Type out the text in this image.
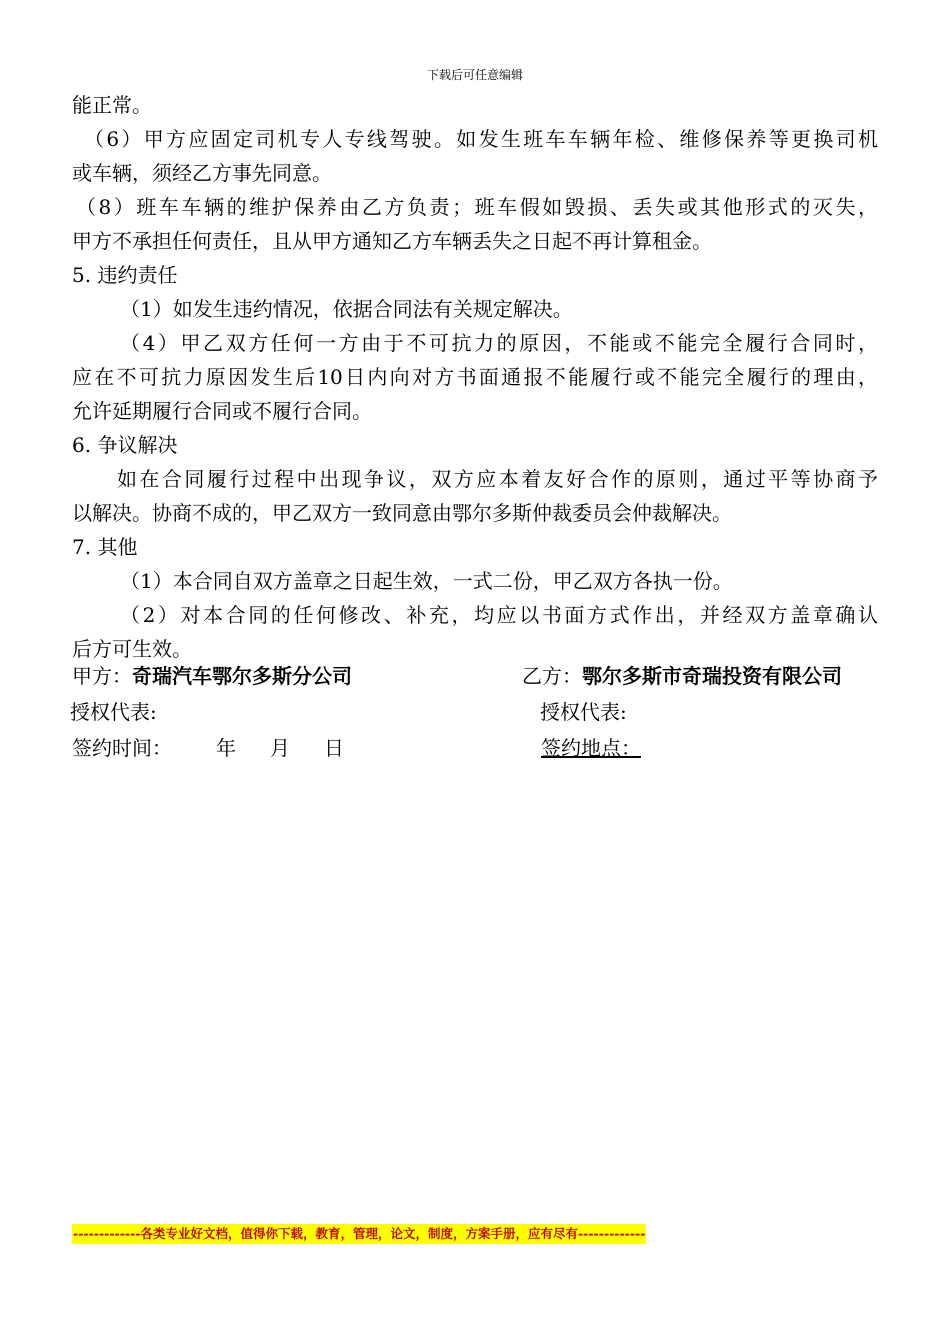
下载后可任意编辑
能正常。
（6）甲方应固定司机专人专线驾驶。如发生班车车辆年检、维修保养等更换司机
或车辆，须经乙方事先同意。
（8）班车车辆的维护保养由乙方负责；班车假如毁损、丢失或其他形式的灭失，
甲方不承担任何责任，且从甲方通知乙方车辆丢失之日起不再计算租金。
5. 违约责任
（1）如发生违约情况，依据合同法有关规定解决。
（4）甲乙双方任何一方由于不可抗力的原因，不能或不能完全履行合同时，
应在不可抗力原因发生后10日内向对方书面通报不能履行或不能完全履行的理由，
允许延期履行合同或不履行合同。
6. 争议解决
如在合同履行过程中出现争议，双方应本着友好合作的原则，通过平等协商予
以解决。协商不成的，甲乙双方一致同意由鄂尔多斯仲裁委员会仲裁解决。
7. 其他
（1）本合同自双方盖章之日起生效，一式二份，甲乙双方各执一份。
（2）对本合同的任何修改、补充，均应以书面方式作出，并经双方盖章确认
后方可生效。
甲方：奇瑞汽车鄂尔多斯分公司	乙方：鄂尔多斯市奇瑞投资有限公司
授权代表:	授权代表:
签约时间： 年 月 日	签约地点：
-------------各类专业好文档，值得你下载，教育，管理，论文，制度，方案手册，应有尽有-------------
